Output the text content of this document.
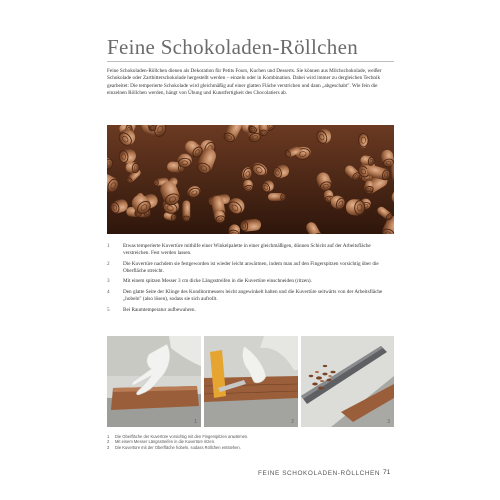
Feine Schokoladen-Röllchen

Feine Schokoladen-Röllchen dienen als Dekoration für Petits Fours, Kuchen und Desserts. Sie können aus Milchschokolade, weißer Schokolade oder Zartbitterschokolade hergestellt werden – einzeln oder in Kombination. Dabei wird immer zu dergleichen Technik gearbeitet: Die temperierte Schokolade wird gleichmäßig auf einer glatten Fläche verstrichen und dann „abgeschabt". Wie fein die einzelnen Röllchen werden, hängt von Übung und Kunstfertigkeit des Chocolatiers ab.

1	Etwas temperierte Kuvertüre mithilfe einer Winkelpalette in einer gleichmäßigen, dünnen Schicht auf der Arbeitsfläche verstreichen. Fest werden lassen.
2	Die Kuvertüre nachdem sie festgeworden ist wieder leicht anwärmen, indem man auf den Fingerspitzen vorsichtig über die Oberfläche streicht.
3	Mit einem spitzen Messer 3 cm dicke Längsstreifen in die Kuvertüre einschneiden (ritzen).
4	Den glatte Seite der Klinge des Konditormessers leicht angewinkelt halten und die Kuvertüre seitwärts von der Arbeitsfläche „hobeln" (also lösen), sodass sie sich aufrollt.
5	Bei Raumtemperatur aufbewahren.
1	2	3
1	Die Oberfläche der Kuvertüre vorsichtig mit den Fingerspitzen anwärmen.
2	Mit einem Messer Längsstreifen in die Kuvertüre ritzen.
3	Die Kuvertüre mit der Oberfläche hobeln, sodass Röllchen entstehen.
FEINE SCHOKOLADEN-RÖLLCHEN 71
